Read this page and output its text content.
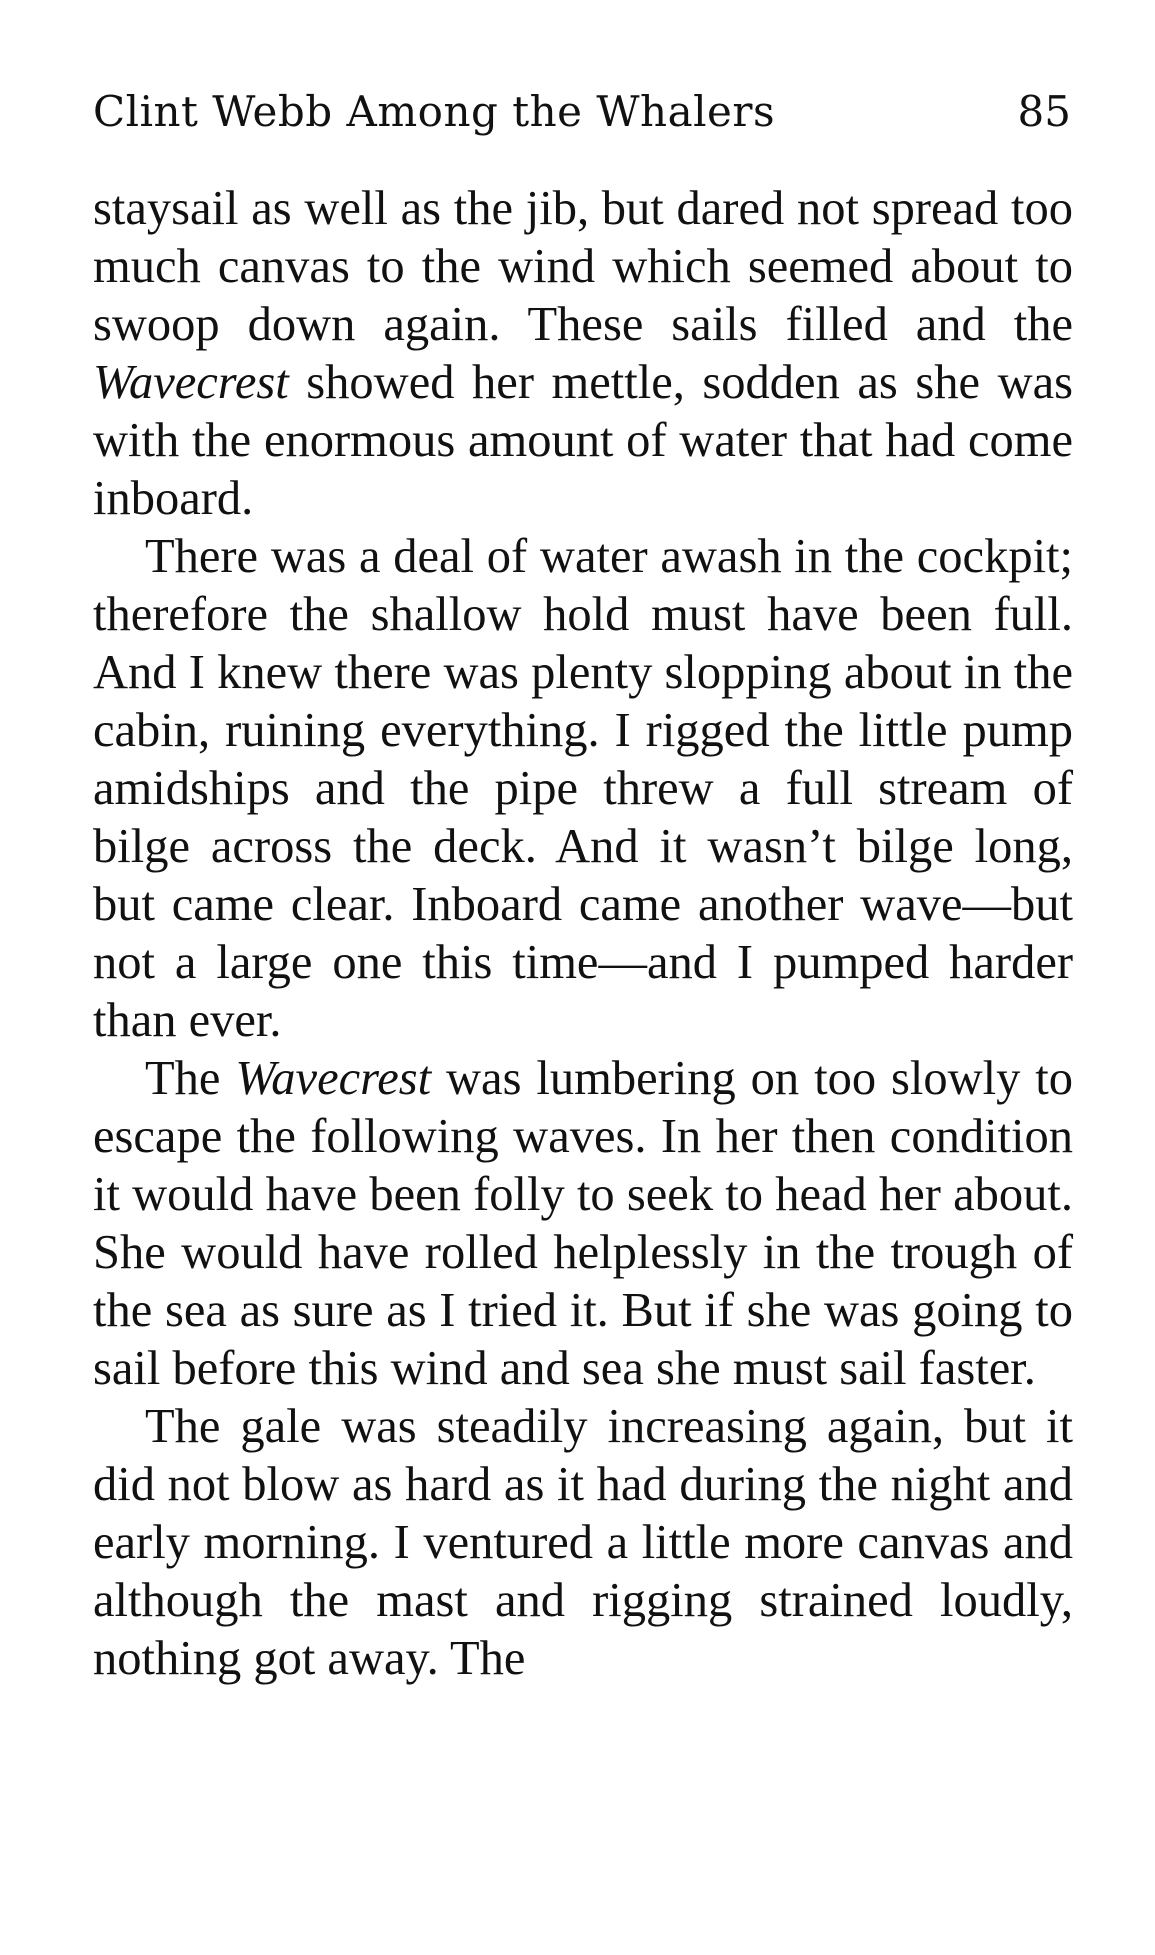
Clint Webb Among the Whalers	85

staysail as well as the jib, but dared not spread too much canvas to the wind which seemed about to swoop down again. These sails filled and the Wavecrest showed her mettle, sodden as she was with the enormous amount of water that had come inboard.

There was a deal of water awash in the cockpit; therefore the shallow hold must have been full. And I knew there was plenty slopping about in the cabin, ruining everything. I rigged the little pump amidships and the pipe threw a full stream of bilge across the deck. And it wasn’t bilge long, but came clear. Inboard came another wave—but not a large one this time—and I pumped harder than ever.

The Wavecrest was lumbering on too slowly to escape the following waves. In her then condition it would have been folly to seek to head her about. She would have rolled helplessly in the trough of the sea as sure as I tried it. But if she was going to sail before this wind and sea she must sail faster.

The gale was steadily increasing again, but it did not blow as hard as it had during the night and early morning. I ventured a little more canvas and although the mast and rigging strained loudly, nothing got away. The
